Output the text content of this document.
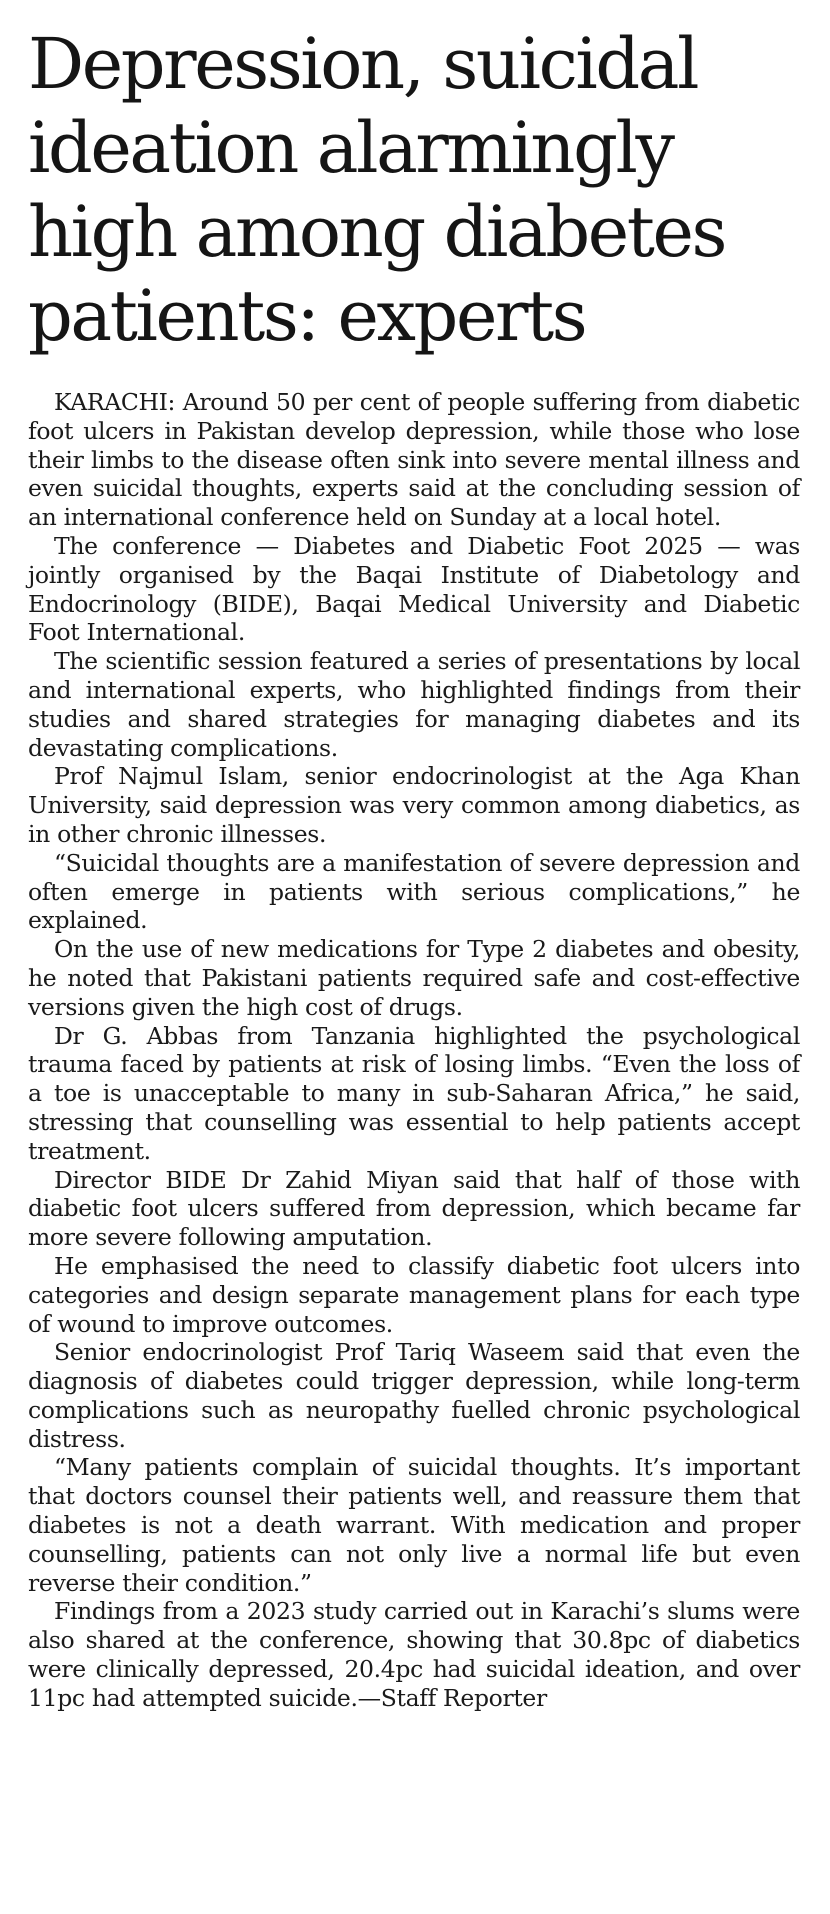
Depression, suicidal ideation alarmingly high among diabetes patients: experts

KARACHI: Around 50 per cent of people suffering from diabetic foot ulcers in Pakistan develop depression, while those who lose their limbs to the disease often sink into severe mental illness and even suicidal thoughts, experts said at the concluding session of an international conference held on Sunday at a local hotel.

The conference — Diabetes and Diabetic Foot 2025 — was jointly organised by the Baqai Institute of Diabetology and Endocrinology (BIDE), Baqai Medical University and Diabetic Foot International.

The scientific session featured a series of presentations by local and international experts, who highlighted findings from their studies and shared strategies for managing diabetes and its devastating complications.

Prof Najmul Islam, senior endocrinologist at the Aga Khan University, said depression was very common among diabetics, as in other chronic illnesses.

“Suicidal thoughts are a manifestation of severe depression and often emerge in patients with serious complications,” he explained.

On the use of new medications for Type 2 diabetes and obesity, he noted that Pakistani patients required safe and cost-effective versions given the high cost of drugs.

Dr G. Abbas from Tanzania highlighted the psychological trauma faced by patients at risk of losing limbs. “Even the loss of a toe is unacceptable to many in sub-Saharan Africa,” he said, stressing that counselling was essential to help patients accept treatment.

Director BIDE Dr Zahid Miyan said that half of those with diabetic foot ulcers suffered from depression, which became far more severe following amputation.

He emphasised the need to classify diabetic foot ulcers into categories and design separate management plans for each type of wound to improve outcomes.

Senior endocrinologist Prof Tariq Waseem said that even the diagnosis of diabetes could trigger depression, while long-term complications such as neuropathy fuelled chronic psychological distress.

“Many patients complain of suicidal thoughts. It’s important that doctors counsel their patients well, and reassure them that diabetes is not a death warrant. With medication and proper counselling, patients can not only live a normal life but even reverse their condition.”

Findings from a 2023 study carried out in Karachi’s slums were also shared at the conference, showing that 30.8pc of diabetics were clinically depressed, 20.4pc had suicidal ideation, and over 11pc had attempted suicide.—Staff Reporter
